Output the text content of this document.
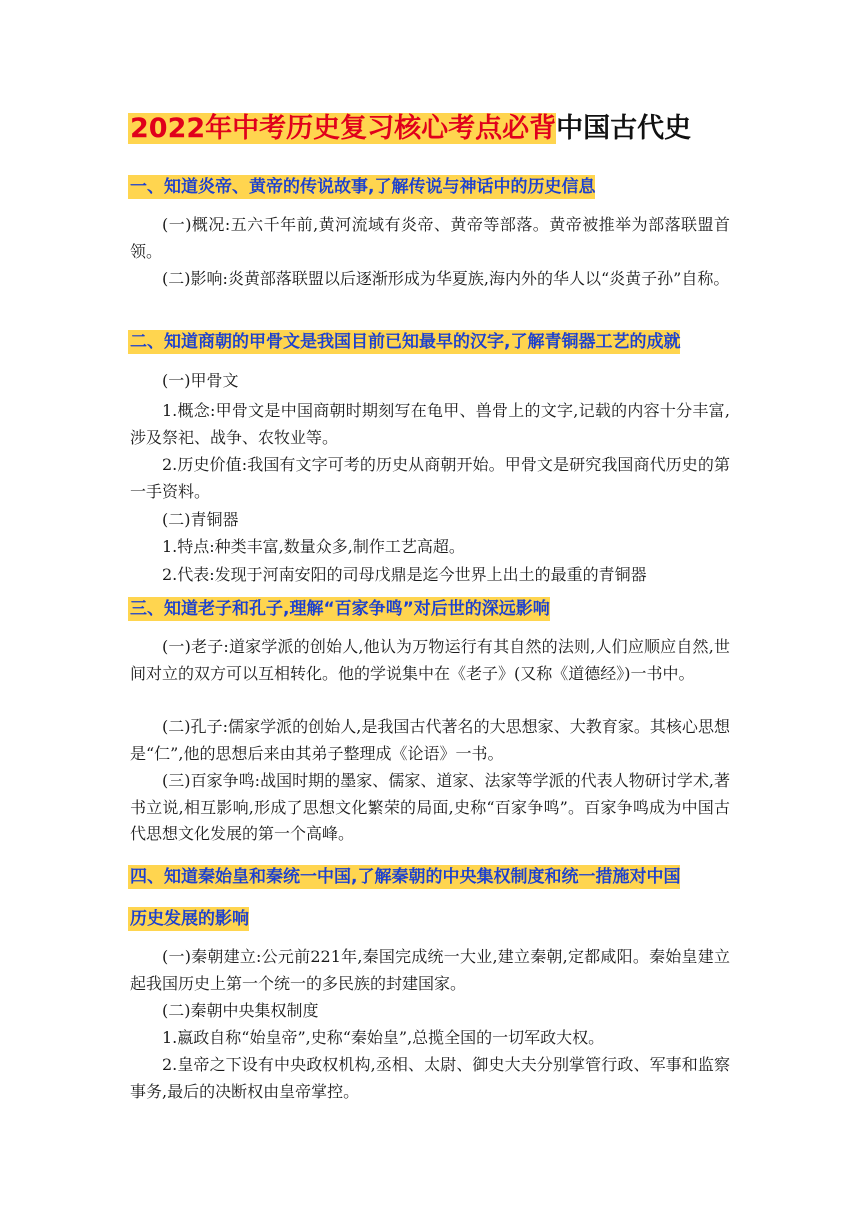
2022年中考历史复习核心考点必背中国古代史
一、知道炎帝、黄帝的传说故事,了解传说与神话中的历史信息

(一)概况:五六千年前,黄河流域有炎帝、黄帝等部落。黄帝被推举为部落联盟首领。

(二)影响:炎黄部落联盟以后逐渐形成为华夏族,海内外的华人以“炎黄子孙”自称。

二、知道商朝的甲骨文是我国目前已知最早的汉字,了解青铜器工艺的成就

(一)甲骨文

1.概念:甲骨文是中国商朝时期刻写在龟甲、兽骨上的文字,记载的内容十分丰富,涉及祭祀、战争、农牧业等。

2.历史价值:我国有文字可考的历史从商朝开始。甲骨文是研究我国商代历史的第一手资料。

(二)青铜器

1.特点:种类丰富,数量众多,制作工艺高超。

2.代表:发现于河南安阳的司母戊鼎是迄今世界上出土的最重的青铜器

三、知道老子和孔子,理解“百家争鸣”对后世的深远影响

(一)老子:道家学派的创始人,他认为万物运行有其自然的法则,人们应顺应自然,世间对立的双方可以互相转化。他的学说集中在《老子》(又称《道德经》)一书中。

(二)孔子:儒家学派的创始人,是我国古代著名的大思想家、大教育家。其核心思想是“仁”,他的思想后来由其弟子整理成《论语》一书。

(三)百家争鸣:战国时期的墨家、儒家、道家、法家等学派的代表人物研讨学术,著书立说,相互影响,形成了思想文化繁荣的局面,史称“百家争鸣”。百家争鸣成为中国古代思想文化发展的第一个高峰。

四、知道秦始皇和秦统一中国,了解秦朝的中央集权制度和统一措施对中国
历史发展的影响

(一)秦朝建立:公元前221年,秦国完成统一大业,建立秦朝,定都咸阳。秦始皇建立起我国历史上第一个统一的多民族的封建国家。

(二)秦朝中央集权制度

1.嬴政自称“始皇帝”,史称“秦始皇”,总揽全国的一切军政大权。

2.皇帝之下设有中央政权机构,丞相、太尉、御史大夫分别掌管行政、军事和监察事务,最后的决断权由皇帝掌控。
